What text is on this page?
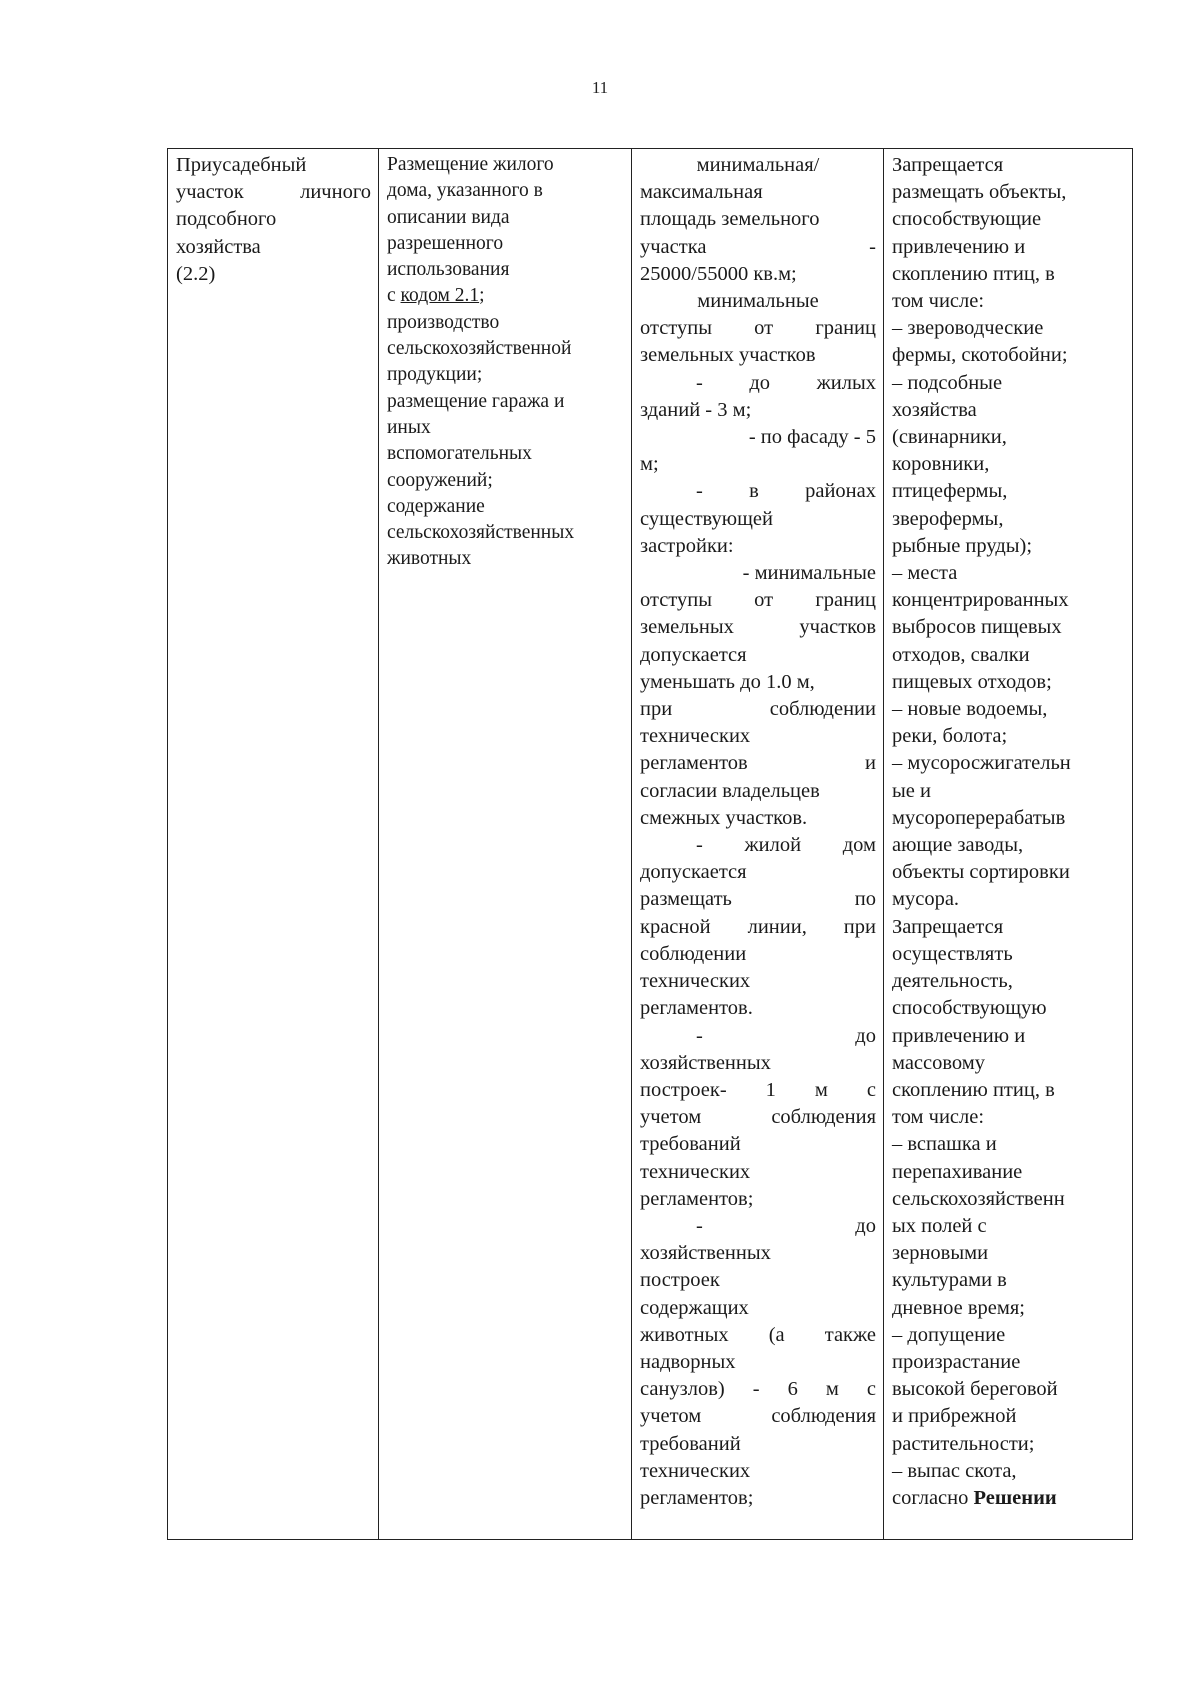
11
Приусадебный
участок личного
подсобного
хозяйства
(2.2)

Размещение жилого
дома, указанного в
описании вида
разрешенного
использования
с кодом 2.1;
производство
сельскохозяйственной
продукции;
размещение гаража и
иных
вспомогательных
сооружений;
содержание
сельскохозяйственных
животных

минимальная/
максимальная
площадь земельного
участка -
25000/55000 кв.м;
минимальные
отступы от границ
земельных участков
- до жилых
зданий - 3 м;
- по фасаду - 5
м;
- в районах
существующей
застройки:
- минимальные
отступы от границ
земельных участков
допускается
уменьшать до 1.0 м,
при соблюдении
технических
регламентов и
согласии владельцев
смежных участков.
- жилой дом
допускается
размещать по
красной линии, при
соблюдении
технических
регламентов.
- до
хозяйственных
построек- 1 м с
учетом соблюдения
требований
технических
регламентов;
- до
хозяйственных
построек
содержащих
животных (а также
надворных
санузлов) - 6 м с
учетом соблюдения
требований
технических
регламентов;

Запрещается
размещать объекты,
способствующие
привлечению и
скоплению птиц, в
том числе:
– звероводческие
фермы, скотобойни;
– подсобные
хозяйства
(свинарники,
коровники,
птицефермы,
зверофермы,
рыбные пруды);
– места
концентрированных
выбросов пищевых
отходов, свалки
пищевых отходов;
– новые водоемы,
реки, болота;
– мусоросжигательн
ые и
мусороперерабатыв
ающие заводы,
объекты сортировки
мусора.
Запрещается
осуществлять
деятельность,
способствующую
привлечению и
массовому
скоплению птиц, в
том числе:
– вспашка и
перепахивание
сельскохозяйственн
ых полей с
зерновыми
культурами в
дневное время;
– допущение
произрастание
высокой береговой
и прибрежной
растительности;
– выпас скота,
согласно Решении
